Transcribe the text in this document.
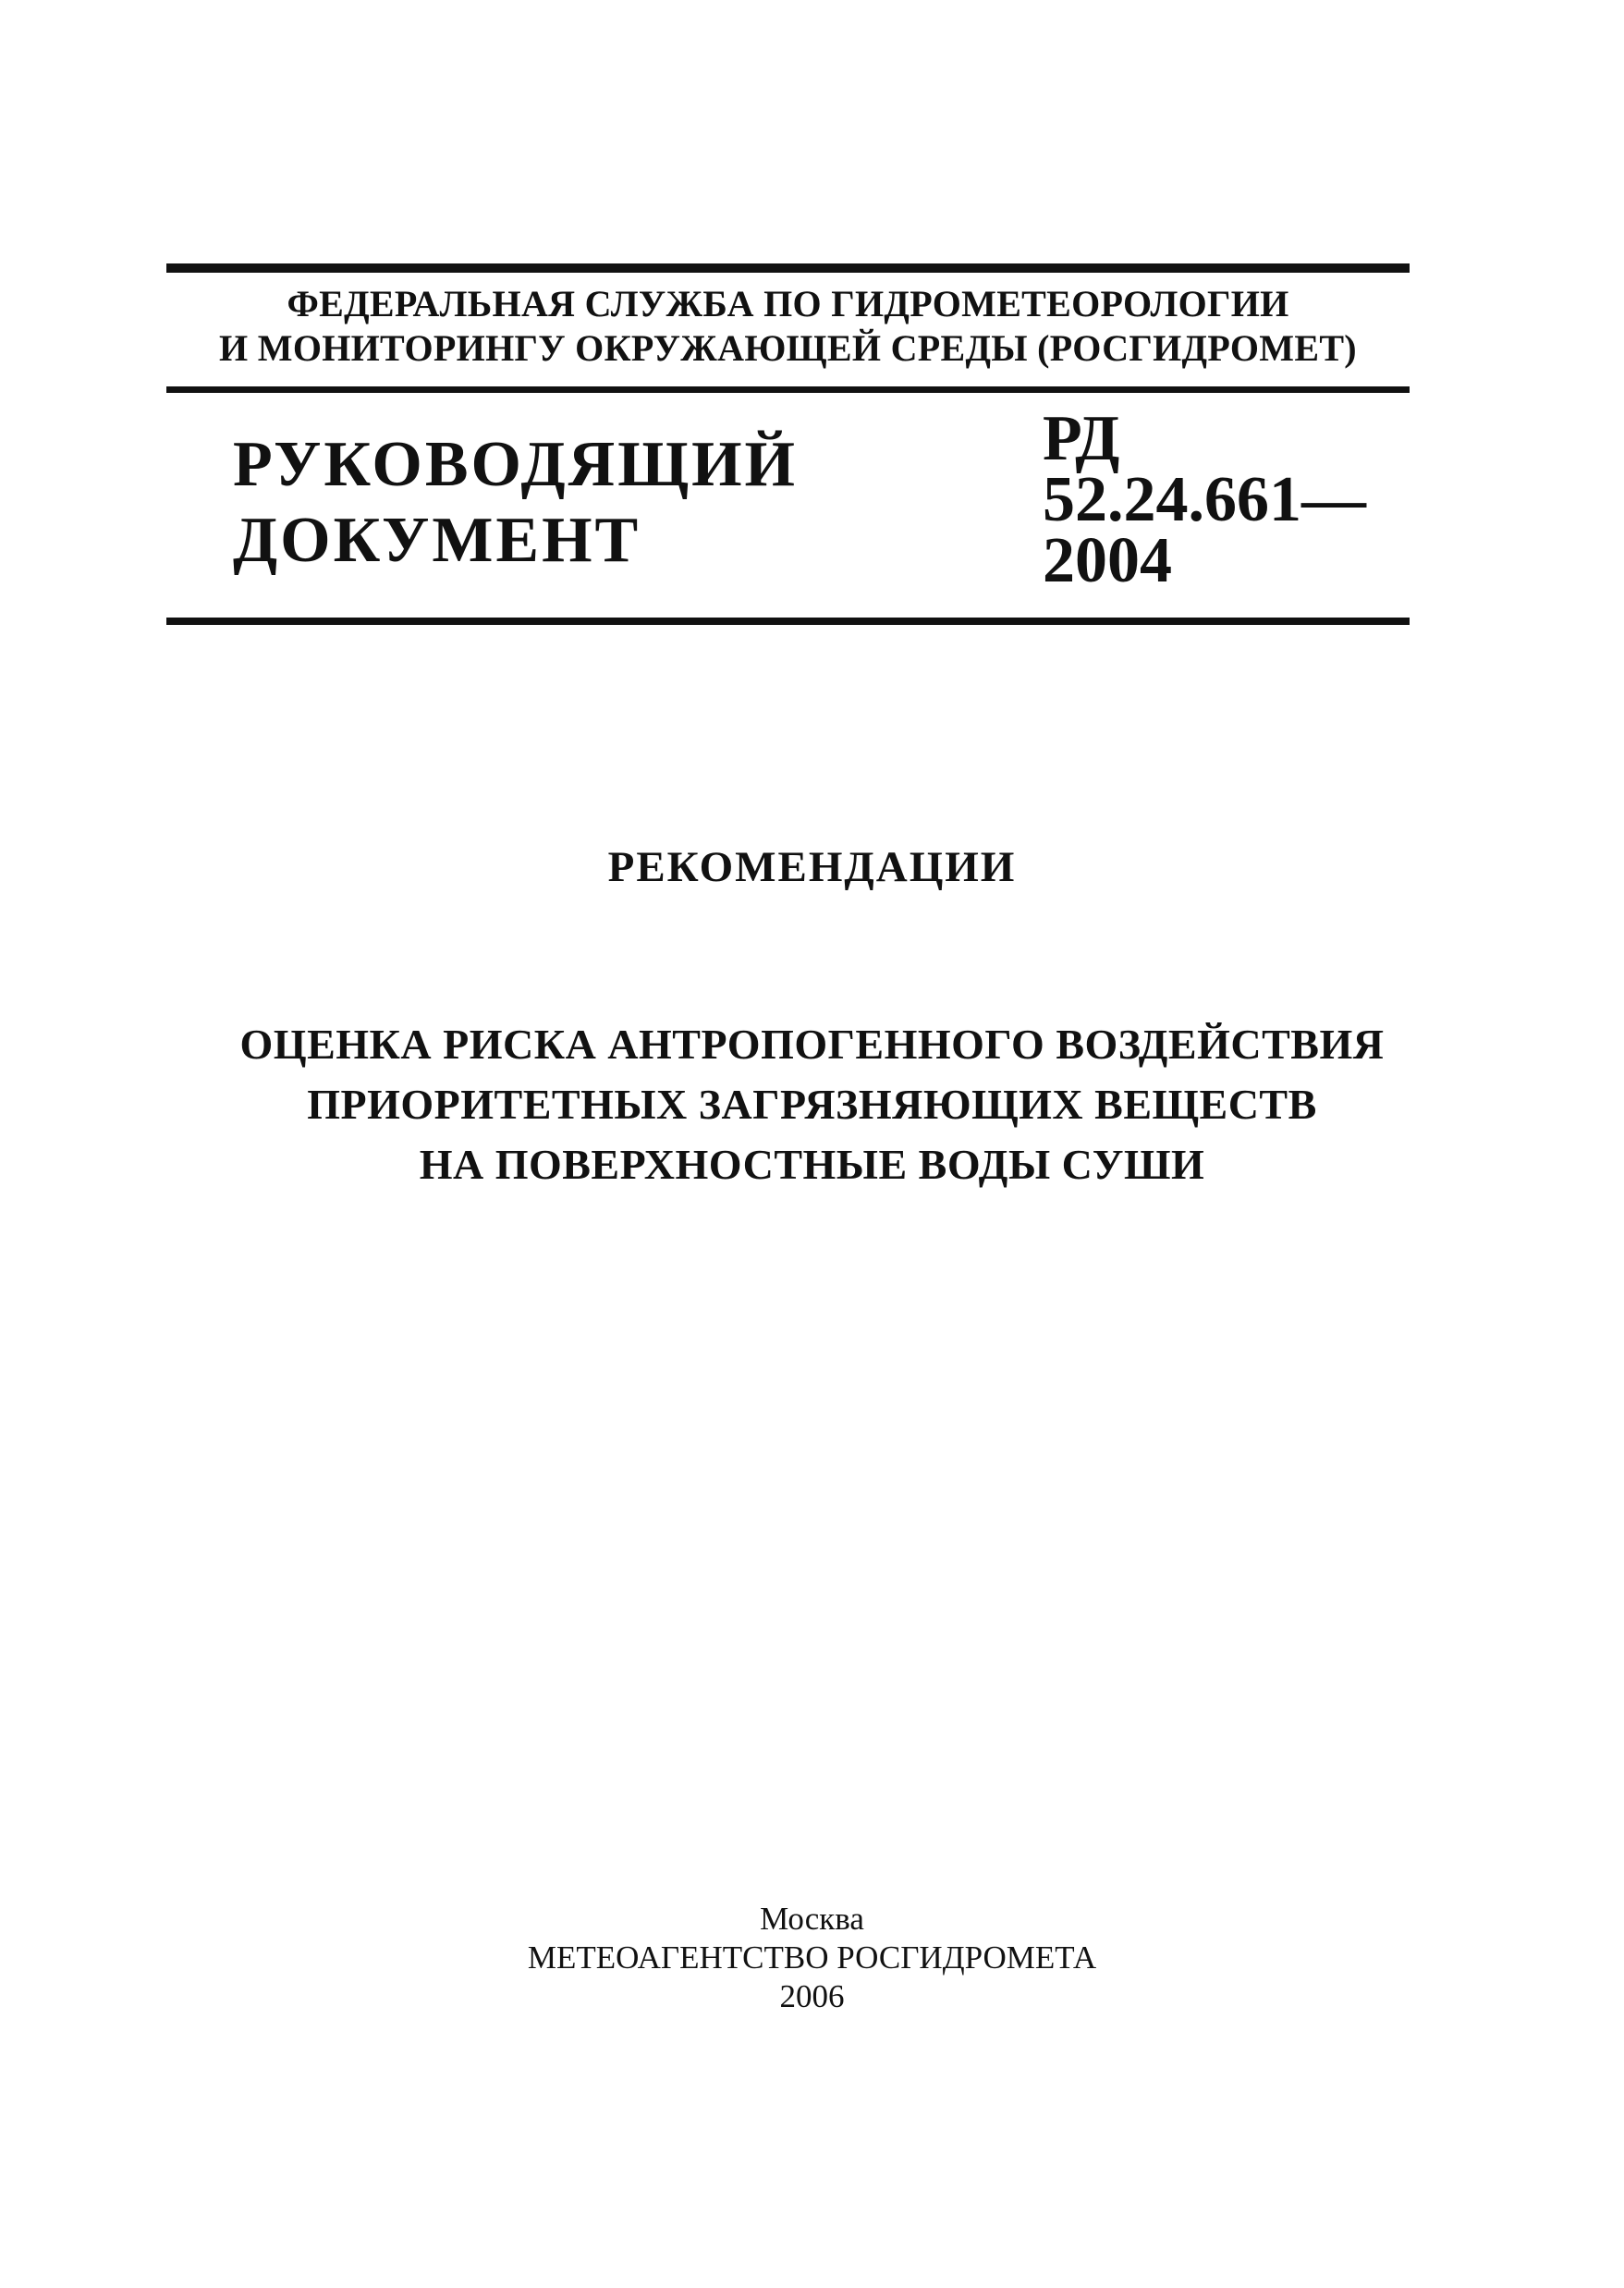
ФЕДЕРАЛЬНАЯ СЛУЖБА ПО ГИДРОМЕТЕОРОЛОГИИ
И МОНИТОРИНГУ ОКРУЖАЮЩЕЙ СРЕДЫ (РОСГИДРОМЕТ)
РУКОВОДЯЩИЙ
ДОКУМЕНТ
РД
52.24.661—
2004
РЕКОМЕНДАЦИИ
ОЦЕНКА РИСКА АНТРОПОГЕННОГО ВОЗДЕЙСТВИЯ
ПРИОРИТЕТНЫХ ЗАГРЯЗНЯЮЩИХ ВЕЩЕСТВ
НА ПОВЕРХНОСТНЫЕ ВОДЫ СУШИ
Москва
МЕТЕОАГЕНТСТВО РОСГИДРОМЕТА
2006
